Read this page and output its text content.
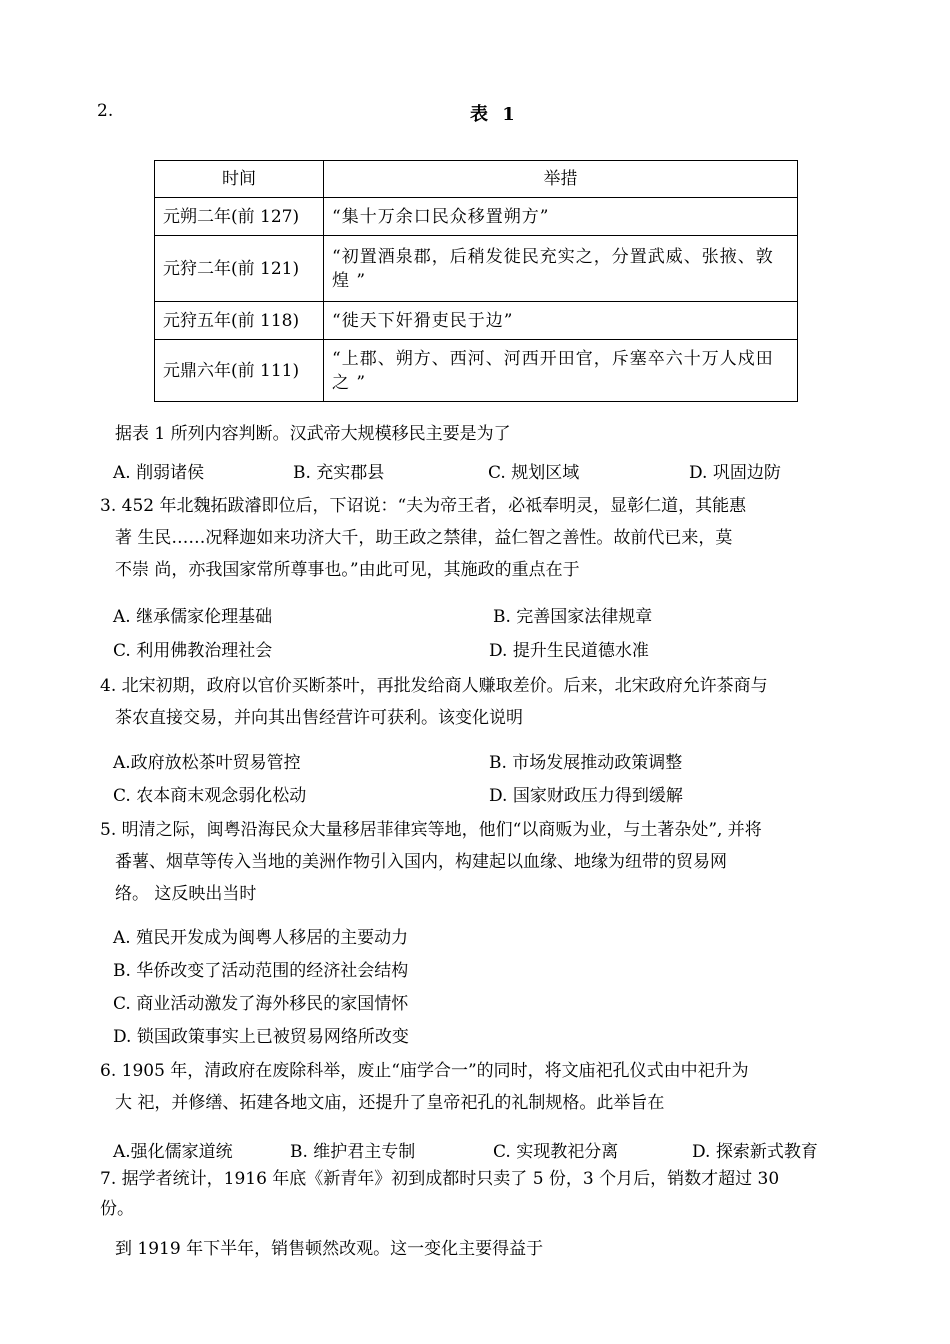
2.	表 1
时间	举措
元朔二年(前 127)	“集十万余口民众移置朔方”
元狩二年(前 121)	“初置酒泉郡，后稍发徙民充实之，分置武威、张掖、敦煌 ”
元狩五年(前 118)	“徙天下奸猾吏民于边”
元鼎六年(前 111)	“上郡、朔方、西河、河西开田官，斥塞卒六十万人戍田 之 ”
据表 1 所列内容判断。汉武帝大规模移民主要是为了
A. 削弱诸侯	B. 充实郡县	C. 规划区域	D. 巩固边防
3. 452 年北魏拓跋濬即位后，下诏说：“夫为帝王者，必祗奉明灵，显彰仁道，其能惠
著 生民……况释迦如来功济大千，助王政之禁律，益仁智之善性。故前代已来，莫
不崇 尚，亦我国家常所尊事也。”由此可见，其施政的重点在于
A. 继承儒家伦理基础	B. 完善国家法律规章
C. 利用佛教治理社会	D. 提升生民道德水准
4. 北宋初期，政府以官价买断茶叶，再批发给商人赚取差价。后来，北宋政府允许茶商与
茶农直接交易，并向其出售经营许可获利。该变化说明
A.政府放松茶叶贸易管控	B. 市场发展推动政策调整
C. 农本商末观念弱化松动	D. 国家财政压力得到缓解
5. 明清之际，闽粤沿海民众大量移居菲律宾等地，他们“以商贩为业，与土著杂处”, 并将
番薯、烟草等传入当地的美洲作物引入国内，构建起以血缘、地缘为纽带的贸易网
络。 这反映出当时
A. 殖民开发成为闽粤人移居的主要动力
B. 华侨改变了活动范围的经济社会结构
C. 商业活动激发了海外移民的家国情怀
D. 锁国政策事实上已被贸易网络所改变
6. 1905 年，清政府在废除科举，废止“庙学合一”的同时，将文庙祀孔仪式由中祀升为
大 祀，并修缮、拓建各地文庙，还提升了皇帝祀孔的礼制规格。此举旨在
A.强化儒家道统	B. 维护君主专制	C. 实现教祀分离	D. 探索新式教育
7. 据学者统计，1916 年底《新青年》初到成都时只卖了 5 份，3 个月后，销数才超过 30
份。
到 1919 年下半年，销售顿然改观。这一变化主要得益于
